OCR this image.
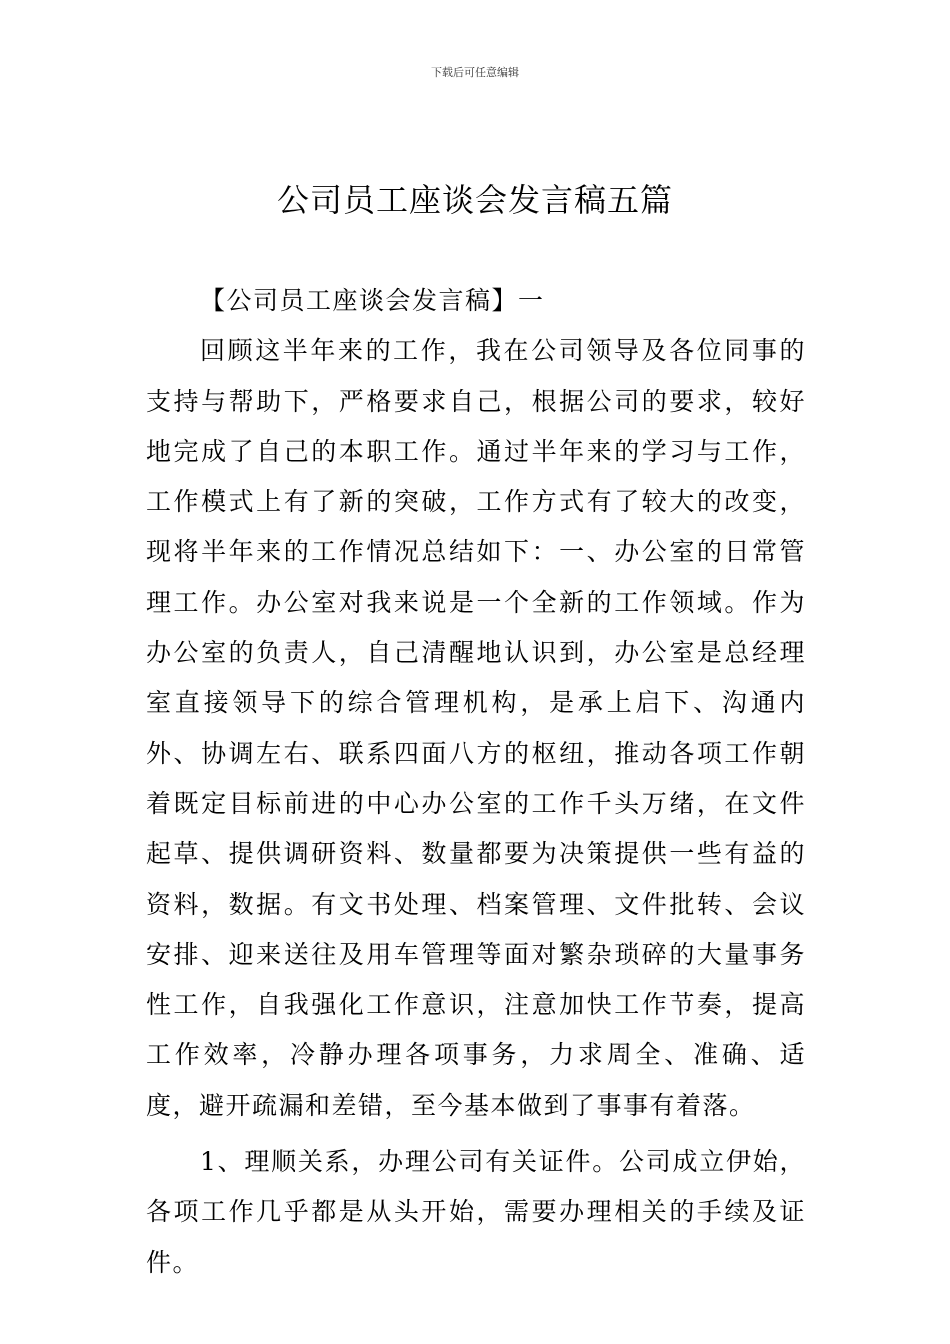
下载后可任意编辑
公司员工座谈会发言稿五篇

【公司员工座谈会发言稿】一

回顾这半年来的工作，我在公司领导及各位同事的支持与帮助下，严格要求自己，根据公司的要求，较好地完成了自己的本职工作。通过半年来的学习与工作，工作模式上有了新的突破，工作方式有了较大的改变，现将半年来的工作情况总结如下：一、办公室的日常管理工作。办公室对我来说是一个全新的工作领域。作为办公室的负责人，自己清醒地认识到，办公室是总经理室直接领导下的综合管理机构，是承上启下、沟通内外、协调左右、联系四面八方的枢纽，推动各项工作朝着既定目标前进的中心办公室的工作千头万绪，在文件起草、提供调研资料、数量都要为决策提供一些有益的资料，数据。有文书处理、档案管理、文件批转、会议安排、迎来送往及用车管理等面对繁杂琐碎的大量事务性工作，自我强化工作意识，注意加快工作节奏，提高工作效率，冷静办理各项事务，力求周全、准确、适度，避开疏漏和差错，至今基本做到了事事有着落。

1、理顺关系，办理公司有关证件。公司成立伊始，各项工作几乎都是从头开始，需要办理相关的手续及证件。
